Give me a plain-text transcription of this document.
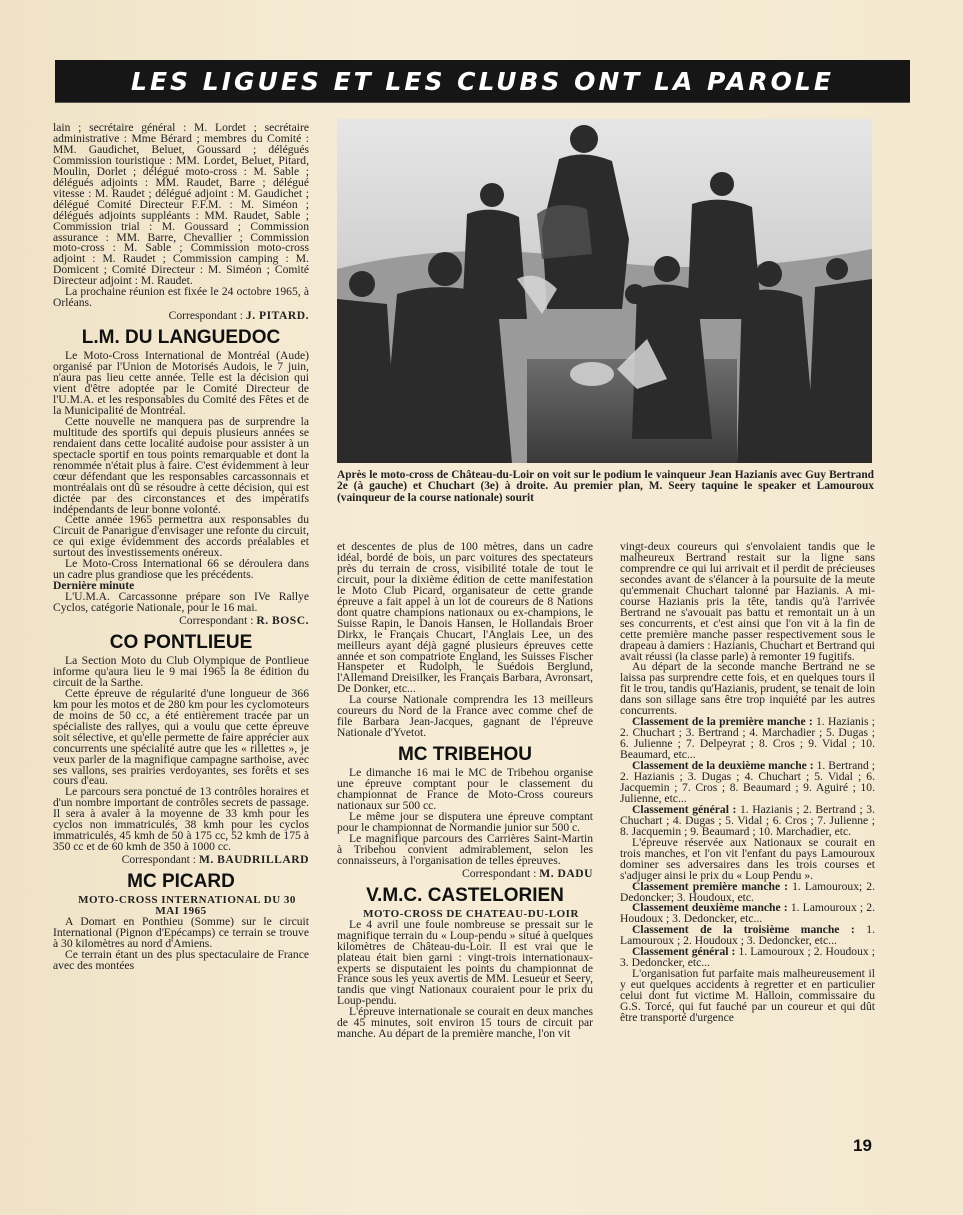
LES LIGUES ET LES CLUBS ONT LA PAROLE

lain ; secrétaire général : M. Lordet ; secrétaire administrative : Mme Bérard ; membres du Comité : MM. Gaudichet, Beluet, Goussard ; délégués Commission touristique : MM. Lordet, Beluet, Pitard, Moulin, Dorlet ; délégué moto-cross : M. Sable ; délégués adjoints : MM. Raudet, Barre ; délégué vitesse : M. Raudet ; délégué adjoint : M. Gaudichet ; délégué Comité Directeur F.F.M. : M. Siméon ; délégués adjoints suppléants : MM. Raudet, Sable ; Commission trial : M. Goussard ; Commission assurance : MM. Barre, Chevallier ; Commission moto-cross : M. Sable ; Commission moto-cross adjoint : M. Raudet ; Commission camping : M. Domicent ; Comité Directeur : M. Siméon ; Comité Directeur adjoint : M. Raudet.

La prochaine réunion est fixée le 24 octobre 1965, à Orléans.

Correspondant : J. PITARD.
L.M. DU LANGUEDOC

Le Moto-Cross International de Montréal (Aude) organisé par l'Union de Motorisés Audois, le 7 juin, n'aura pas lieu cette année. Telle est la décision qui vient d'être adoptée par le Comité Directeur de l'U.M.A. et les responsables du Comité des Fêtes et de la Municipalité de Montréal.

Cette nouvelle ne manquera pas de surprendre la multitude des sportifs qui depuis plusieurs années se rendaient dans cette localité audoise pour assister à un spectacle sportif en tous points remarquable et dont la renommée n'était plus à faire. C'est évidemment à leur cœur défendant que les responsables carcassonnais et montréalais ont dû se résoudre à cette décision, qui est dictée par des circonstances et des impératifs indépendants de leur bonne volonté.

Cette année 1965 permettra aux responsables du Circuit de Panarigue d'envisager une refonte du circuit, ce qui exige évidemment des accords préalables et surtout des investissements onéreux.

Le Moto-Cross International 66 se déroulera dans un cadre plus grandiose que les précédents.

Dernière minute

L'U.M.A. Carcassonne prépare son IVe Rallye Cyclos, catégorie Nationale, pour le 16 mai.

Correspondant : R. BOSC.
CO PONTLIEUE

La Section Moto du Club Olympique de Pontlieue informe qu'aura lieu le 9 mai 1965 la 8e édition du circuit de la Sarthe.

Cette épreuve de régularité d'une longueur de 366 km pour les motos et de 280 km pour les cyclomoteurs de moins de 50 cc, a été entièrement tracée par un spécialiste des rallyes, qui a voulu que cette épreuve soit sélective, et qu'elle permette de faire apprécier aux concurrents une spécialité autre que les « rillettes », je veux parler de la magnifique campagne sarthoise, avec ses vallons, ses prairies verdoyantes, ses forêts et ses cours d'eau.

Le parcours sera ponctué de 13 contrôles horaires et d'un nombre important de contrôles secrets de passage. Il sera à avaler à la moyenne de 33 kmh pour les cyclos non immatriculés, 38 kmh pour les cyclos immatriculés, 45 kmh de 50 à 175 cc, 52 kmh de 175 à 350 cc et de 60 kmh de 350 à 1000 cc.

Correspondant : M. BAUDRILLARD
MC PICARD

MOTO-CROSS INTERNATIONAL DU 30 MAI 1965

A Domart en Ponthieu (Somme) sur le circuit International (Pignon d'Epécamps) ce terrain se trouve à 30 kilomètres au nord d'Amiens.

Ce terrain étant un des plus spectaculaire de France avec des montées

Après le moto-cross de Château-du-Loir on voit sur le podium le vainqueur Jean Hazianis avec Guy Bertrand 2e (à gauche) et Chuchart (3e) à droite. Au premier plan, M. Seery taquine le speaker et Lamouroux (vainqueur de la course nationale) sourit

et descentes de plus de 100 mètres, dans un cadre idéal, bordé de bois, un parc voitures des spectateurs près du terrain de cross, visibilité totale de tout le circuit, pour la dixième édition de cette manifestation le Moto Club Picard, organisateur de cette grande épreuve a fait appel à un lot de coureurs de 8 Nations dont quatre champions nationaux ou ex-champions, le Suisse Rapin, le Danois Hansen, le Hollandais Broer Dirkx, le Français Chucart, l'Anglais Lee, un des meilleurs ayant déjà gagné plusieurs épreuves cette année et son compatriote England, les Suisses Fischer Hanspeter et Rudolph, le Suédois Berglund, l'Allemand Dreisilker, les Français Barbara, Avronsart, De Donker, etc...

La course Nationale comprendra les 13 meilleurs coureurs du Nord de la France avec comme chef de file Barbara Jean-Jacques, gagnant de l'épreuve Nationale d'Yvetot.

MC TRIBEHOU

Le dimanche 16 mai le MC de Tribehou organise une épreuve comptant pour le classement du championnat de France de Moto-Cross coureurs nationaux sur 500 cc.

Le même jour se disputera une épreuve comptant pour le championnat de Normandie junior sur 500 c.

Le magnifique parcours des Carrières Saint-Martin à Tribehou convient admirablement, selon les connaisseurs, à l'organisation de telles épreuves.

Correspondant : M. DADU
V.M.C. CASTELORIEN

MOTO-CROSS DE CHATEAU-DU-LOIR

Le 4 avril une foule nombreuse se pressait sur le magnifique terrain du « Loup-pendu » situé à quelques kilomètres de Château-du-Loir. Il est vrai que le plateau était bien garni : vingt-trois internationaux-experts se disputaient les points du championnat de France sous les yeux avertis de MM. Lesueur et Seery, tandis que vingt Nationaux couraient pour le prix du Loup-pendu.

L'épreuve internationale se courait en deux manches de 45 minutes, soit environ 15 tours de circuit par manche. Au départ de la première manche, l'on vit

vingt-deux coureurs qui s'envolaient tandis que le malheureux Bertrand restait sur la ligne sans comprendre ce qui lui arrivait et il perdit de précieuses secondes avant de s'élancer à la poursuite de la meute qu'emmenait Chuchart talonné par Hazianis. A mi-course Hazianis pris la tête, tandis qu'à l'arrivée Bertrand ne s'avouait pas battu et remontait un à un ses concurrents, et c'est ainsi que l'on vit à la fin de cette première manche passer respectivement sous le drapeau à damiers : Hazianis, Chuchart et Bertrand qui avait réussi (la classe parle) à remonter 19 fugitifs.

Au départ de la seconde manche Bertrand ne se laissa pas surprendre cette fois, et en quelques tours il fit le trou, tandis qu'Hazianis, prudent, se tenait de loin dans son sillage sans être trop inquiété par les autres concurrents.

Classement de la première manche : 1. Hazianis ; 2. Chuchart ; 3. Bertrand ; 4. Marchadier ; 5. Dugas ; 6. Julienne ; 7. Delpeyrat ; 8. Cros ; 9. Vidal ; 10. Beaumard, etc...

Classement de la deuxième manche : 1. Bertrand ; 2. Hazianis ; 3. Dugas ; 4. Chuchart ; 5. Vidal ; 6. Jacquemin ; 7. Cros ; 8. Beaumard ; 9. Aguiré ; 10. Julienne, etc...

Classement général : 1. Hazianis ; 2. Bertrand ; 3. Chuchart ; 4. Dugas ; 5. Vidal ; 6. Cros ; 7. Julienne ; 8. Jacquemin ; 9. Beaumard ; 10. Marchadier, etc.

L'épreuve réservée aux Nationaux se courait en trois manches, et l'on vit l'enfant du pays Lamouroux dominer ses adversaires dans les trois courses et s'adjuger ainsi le prix du « Loup Pendu ».

Classement première manche : 1. Lamouroux; 2. Dedoncker; 3. Houdoux, etc.

Classement deuxième manche : 1. Lamouroux ; 2. Houdoux ; 3. Dedoncker, etc...

Classement de la troisième manche : 1. Lamouroux ; 2. Houdoux ; 3. Dedoncker, etc...

Classement général : 1. Lamouroux ; 2. Houdoux ; 3. Dedoncker, etc...

L'organisation fut parfaite mais malheureusement il y eut quelques accidents à regretter et en particulier celui dont fut victime M. Halloin, commissaire du G.S. Torcé, qui fut fauché par un coureur et qui dût être transporté d'urgence

19
